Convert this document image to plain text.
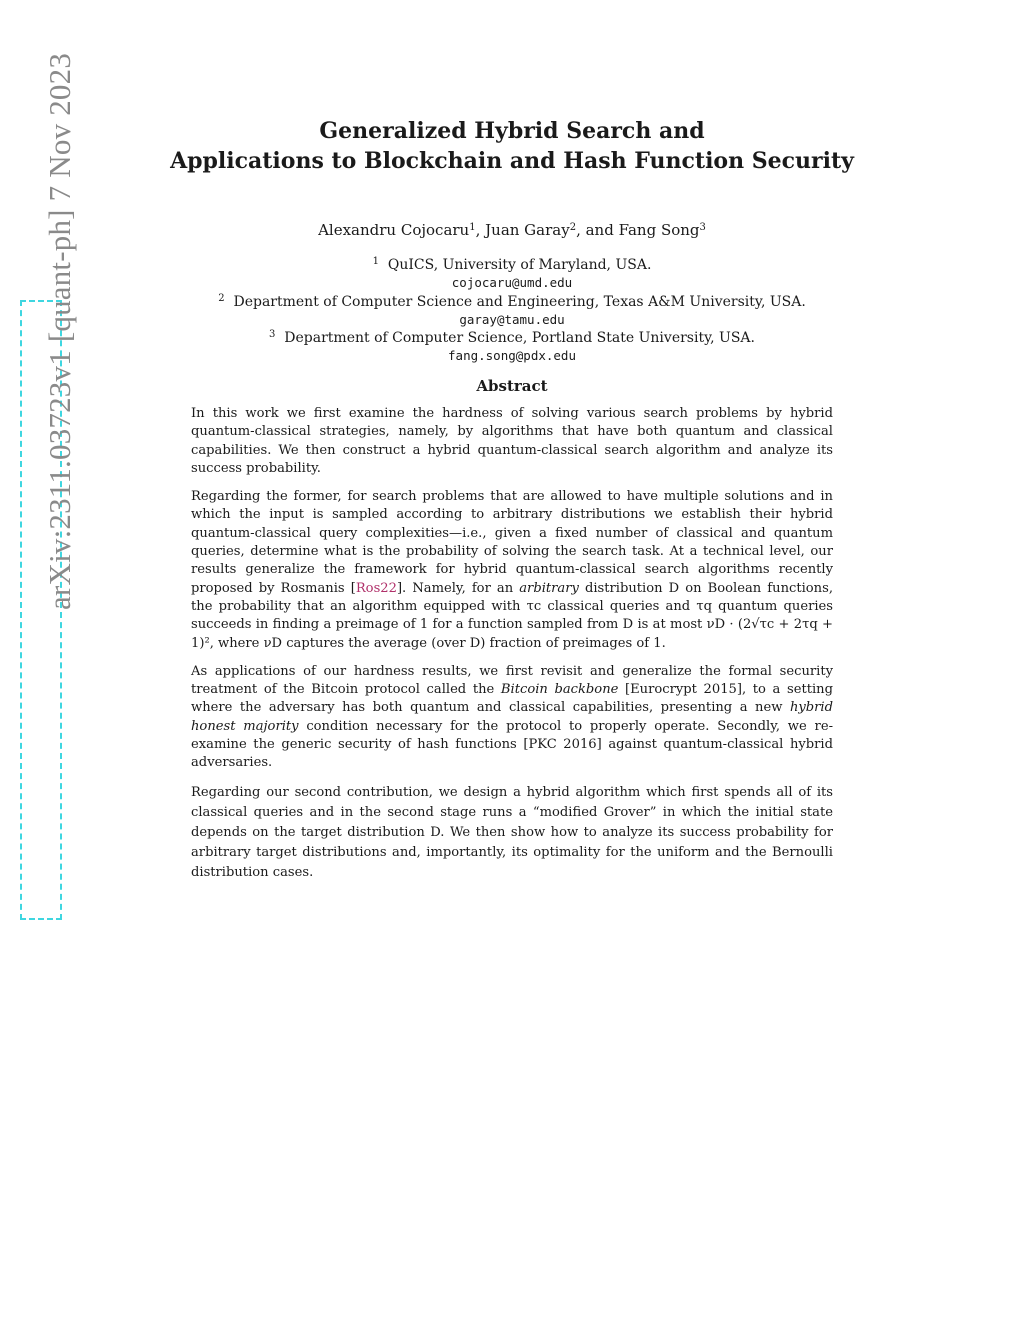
arXiv:2311.03723v1 [quant-ph] 7 Nov 2023	Generalized Hybrid Search and
Applications to Blockchain and Hash Function Security
Alexandru Cojocaru$^1$, Juan Garay$^2$, and Fang Song$^3$
$^1$ QuICS, University of Maryland, USA.
cojocaru@umd.edu
$^2$ Department of Computer Science and Engineering, Texas A&M University, USA.
garay@tamu.edu
$^3$ Department of Computer Science, Portland State University, USA.
fang.song@pdx.edu
Abstract

In this work we first examine the hardness of solving various search problems by hybrid quantum-classical strategies, namely, by algorithms that have both quantum and classical capabilities. We then construct a hybrid quantum-classical search algorithm and analyze its success probability.

Regarding the former, for search problems that are allowed to have multiple solutions and in which the input is sampled according to arbitrary distributions we establish their hybrid quantum-classical query complexities—i.e., given a fixed number of classical and quantum queries, determine what is the probability of solving the search task. At a technical level, our results generalize the framework for hybrid quantum-classical search algorithms recently proposed by Rosmanis [Ros22]. Namely, for an arbitrary distribution D on Boolean functions, the probability that an algorithm equipped with τc classical queries and τq quantum queries succeeds in finding a preimage of 1 for a function sampled from D is at most νD · (2√τc + 2τq + 1)², where νD captures the average (over D) fraction of preimages of 1.

As applications of our hardness results, we first revisit and generalize the formal security treatment of the Bitcoin protocol called the Bitcoin backbone [Eurocrypt 2015], to a setting where the adversary has both quantum and classical capabilities, presenting a new hybrid honest majority condition necessary for the protocol to properly operate. Secondly, we re-examine the generic security of hash functions [PKC 2016] against quantum-classical hybrid adversaries.

Regarding our second contribution, we design a hybrid algorithm which first spends all of its classical queries and in the second stage runs a “modified Grover” in which the initial state depends on the target distribution D. We then show how to analyze its success probability for arbitrary target distributions and, importantly, its optimality for the uniform and the Bernoulli distribution cases.
